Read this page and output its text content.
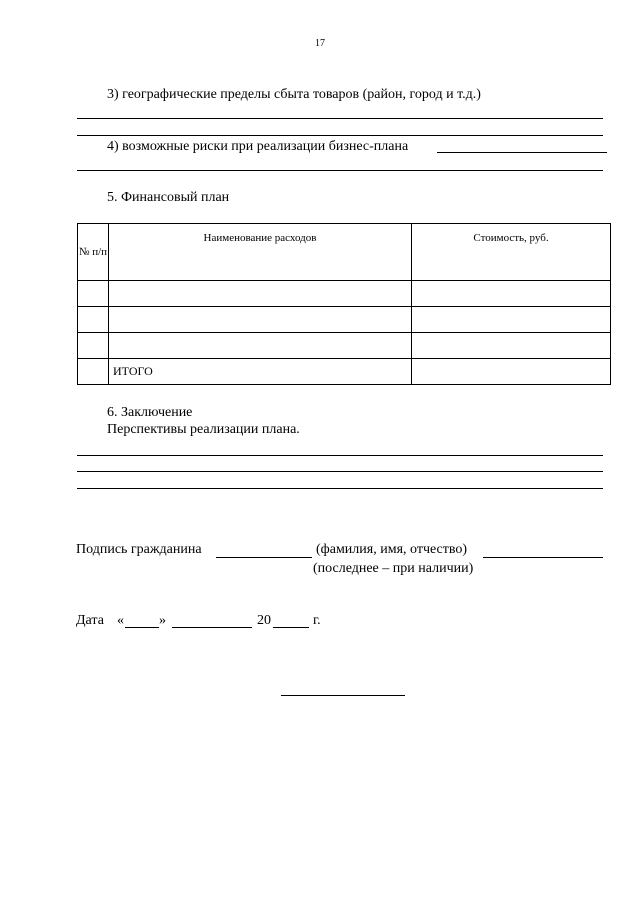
17
3) географические пределы сбыта товаров (район, город и т.д.)
4) возможные риски при реализации бизнес-плана
5. Финансовый план
№ п/п	Наименование расходов	Стоимость, руб.

	ИТОГО	
6. Заключение
Перспективы реализации плана.
Подпись гражданина	(фамилия, имя, отчество)
(последнее – при наличии)
Дата «	»	20	г.
